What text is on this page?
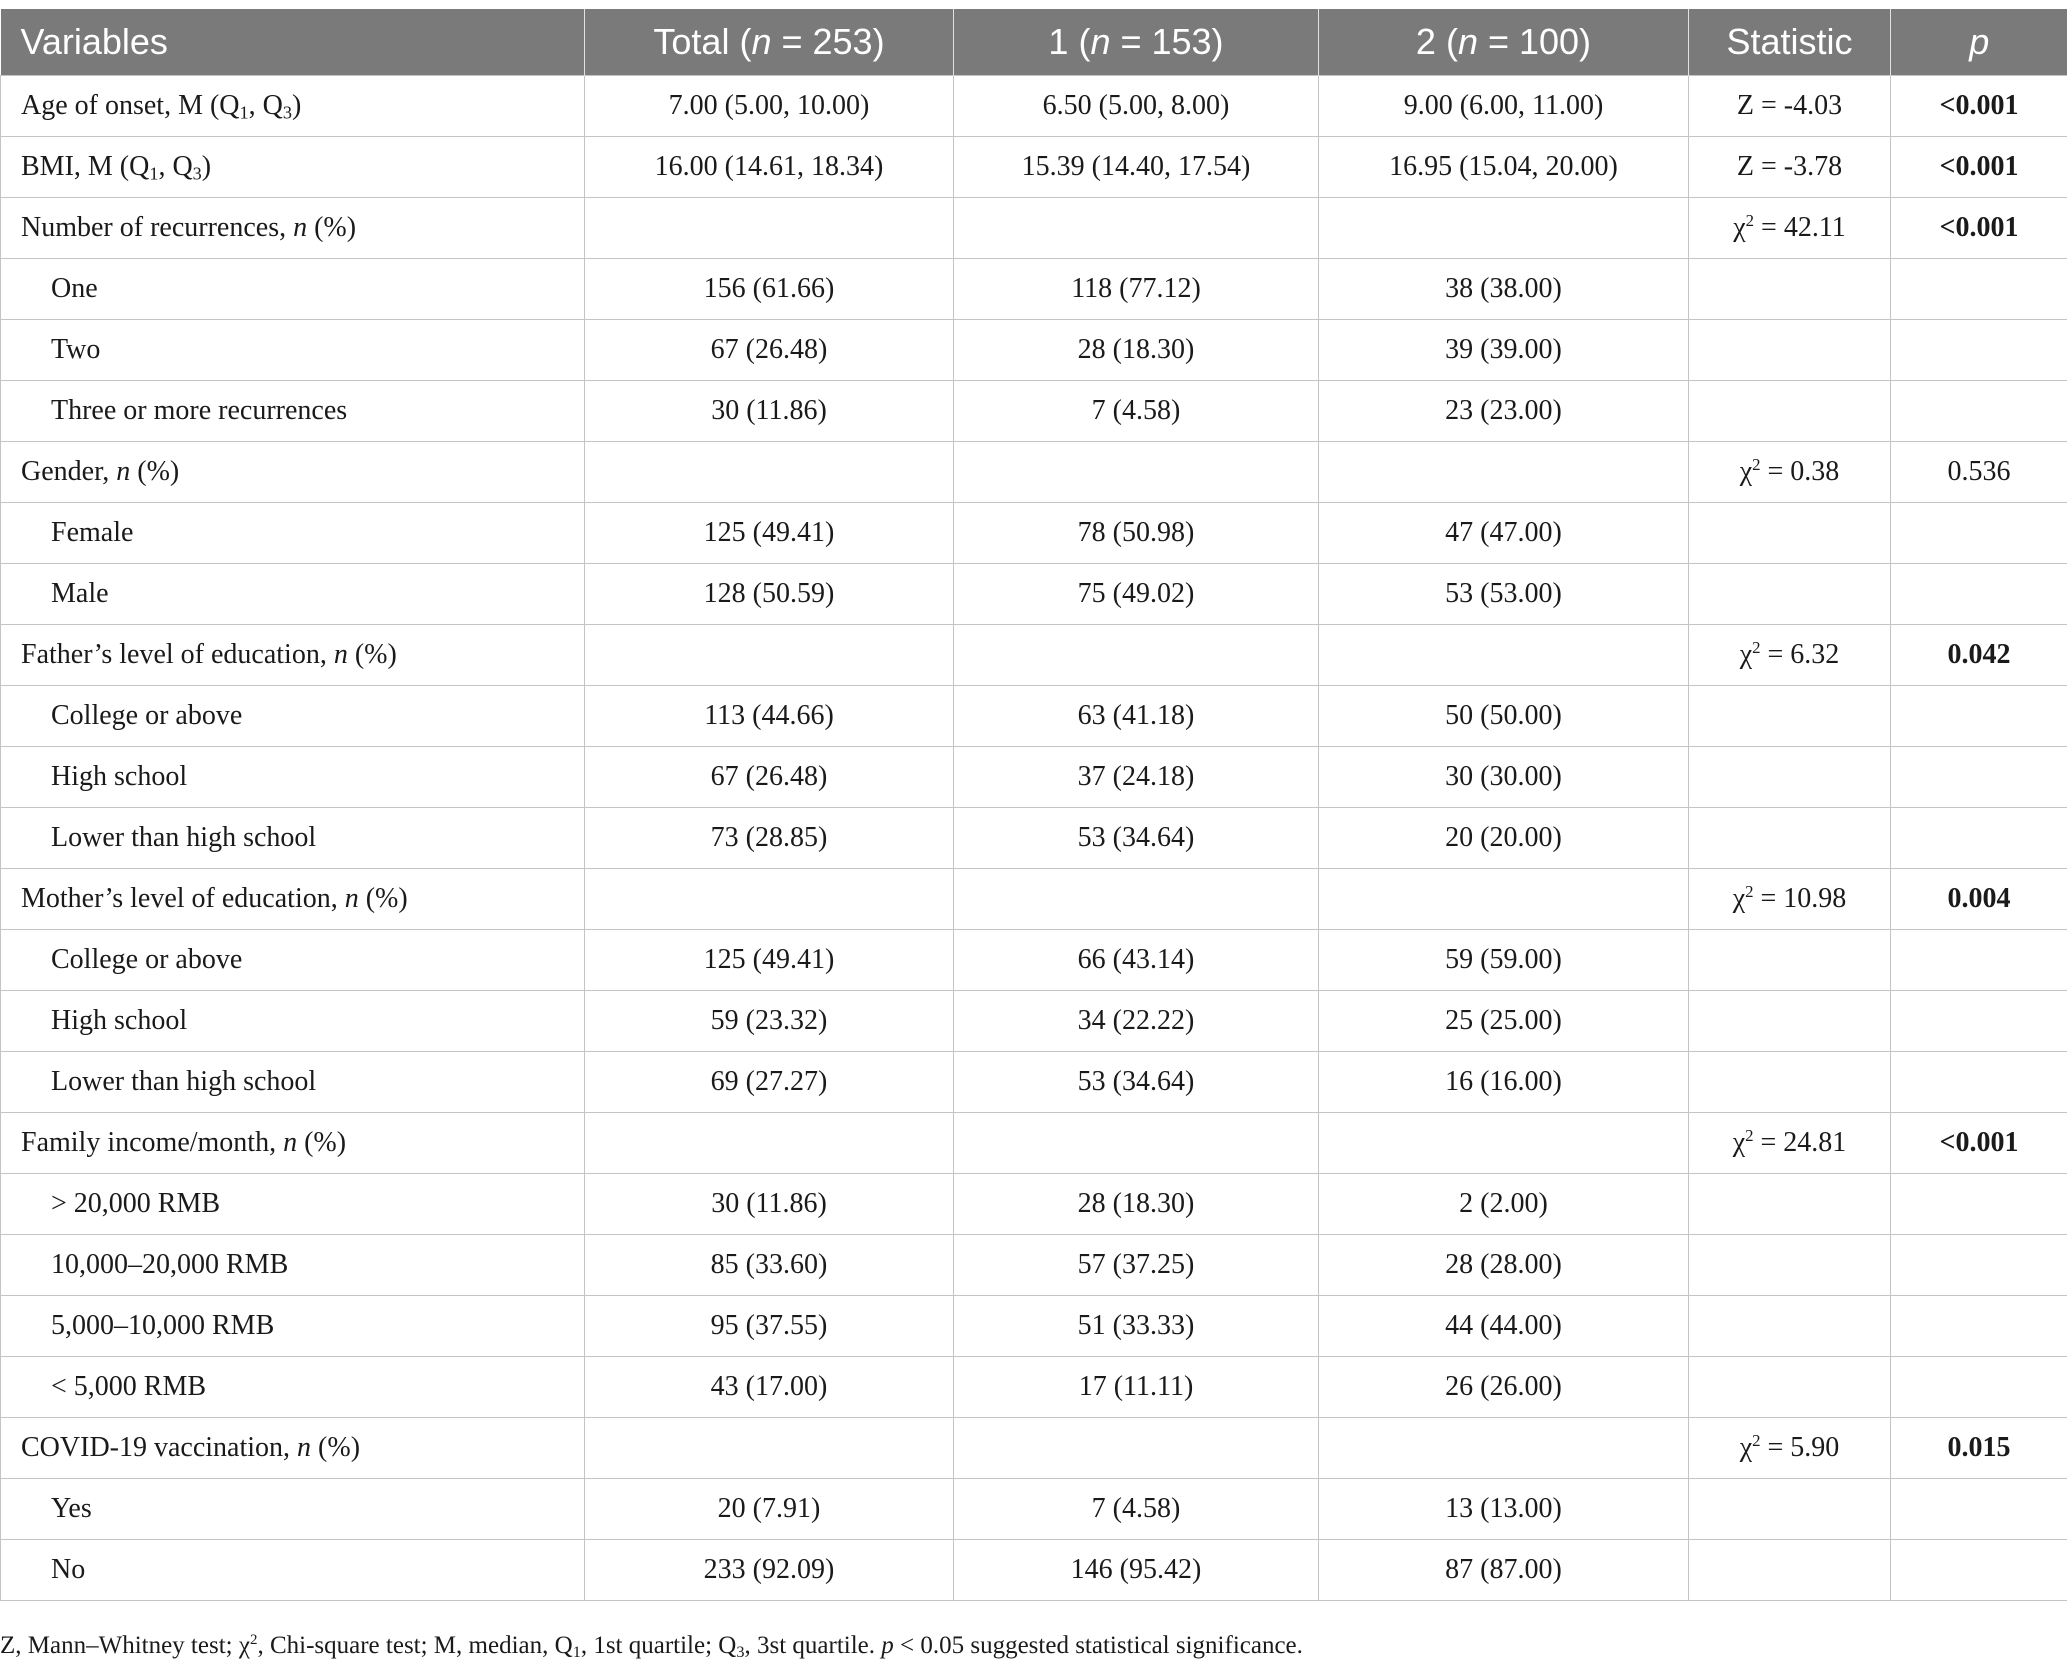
Variables	Total (n = 253)	1 (n = 153)	2 (n = 100)	Statistic	p
Age of onset, M ($Q_1$, $Q_3$)	7.00 (5.00, 10.00)	6.50 (5.00, 8.00)	9.00 (6.00, 11.00)	Z = -4.03	<0.001
BMI, M ($Q_1$, $Q_3$)	16.00 (14.61, 18.34)	15.39 (14.40, 17.54)	16.95 (15.04, 20.00)	Z = -3.78	<0.001
Number of recurrences, n (%)				$\chi^2 = 42.11$	<0.001
One	156 (61.66)	118 (77.12)	38 (38.00)		
Two	67 (26.48)	28 (18.30)	39 (39.00)		
Three or more recurrences	30 (11.86)	7 (4.58)	23 (23.00)		
Gender, n (%)				$\chi^2 = 0.38$	0.536
Female	125 (49.41)	78 (50.98)	47 (47.00)		
Male	128 (50.59)	75 (49.02)	53 (53.00)		
Father’s level of education, n (%)				$\chi^2 = 6.32$	0.042
College or above	113 (44.66)	63 (41.18)	50 (50.00)		
High school	67 (26.48)	37 (24.18)	30 (30.00)		
Lower than high school	73 (28.85)	53 (34.64)	20 (20.00)		
Mother’s level of education, n (%)				$\chi^2 = 10.98$	0.004
College or above	125 (49.41)	66 (43.14)	59 (59.00)		
High school	59 (23.32)	34 (22.22)	25 (25.00)		
Lower than high school	69 (27.27)	53 (34.64)	16 (16.00)		
Family income/month, n (%)				$\chi^2 = 24.81$	<0.001
> 20,000 RMB	30 (11.86)	28 (18.30)	2 (2.00)		
10,000–20,000 RMB	85 (33.60)	57 (37.25)	28 (28.00)		
5,000–10,000 RMB	95 (37.55)	51 (33.33)	44 (44.00)		
< 5,000 RMB	43 (17.00)	17 (11.11)	26 (26.00)		
COVID-19 vaccination, n (%)				$\chi^2 = 5.90$	0.015
Yes	20 (7.91)	7 (4.58)	13 (13.00)		
No	233 (92.09)	146 (95.42)	87 (87.00)		
Z, Mann–Whitney test; $\chi^2$, Chi-square test; M, median, $Q_1$, 1st quartile; $Q_3$, 3st quartile. p < 0.05 suggested statistical significance.
